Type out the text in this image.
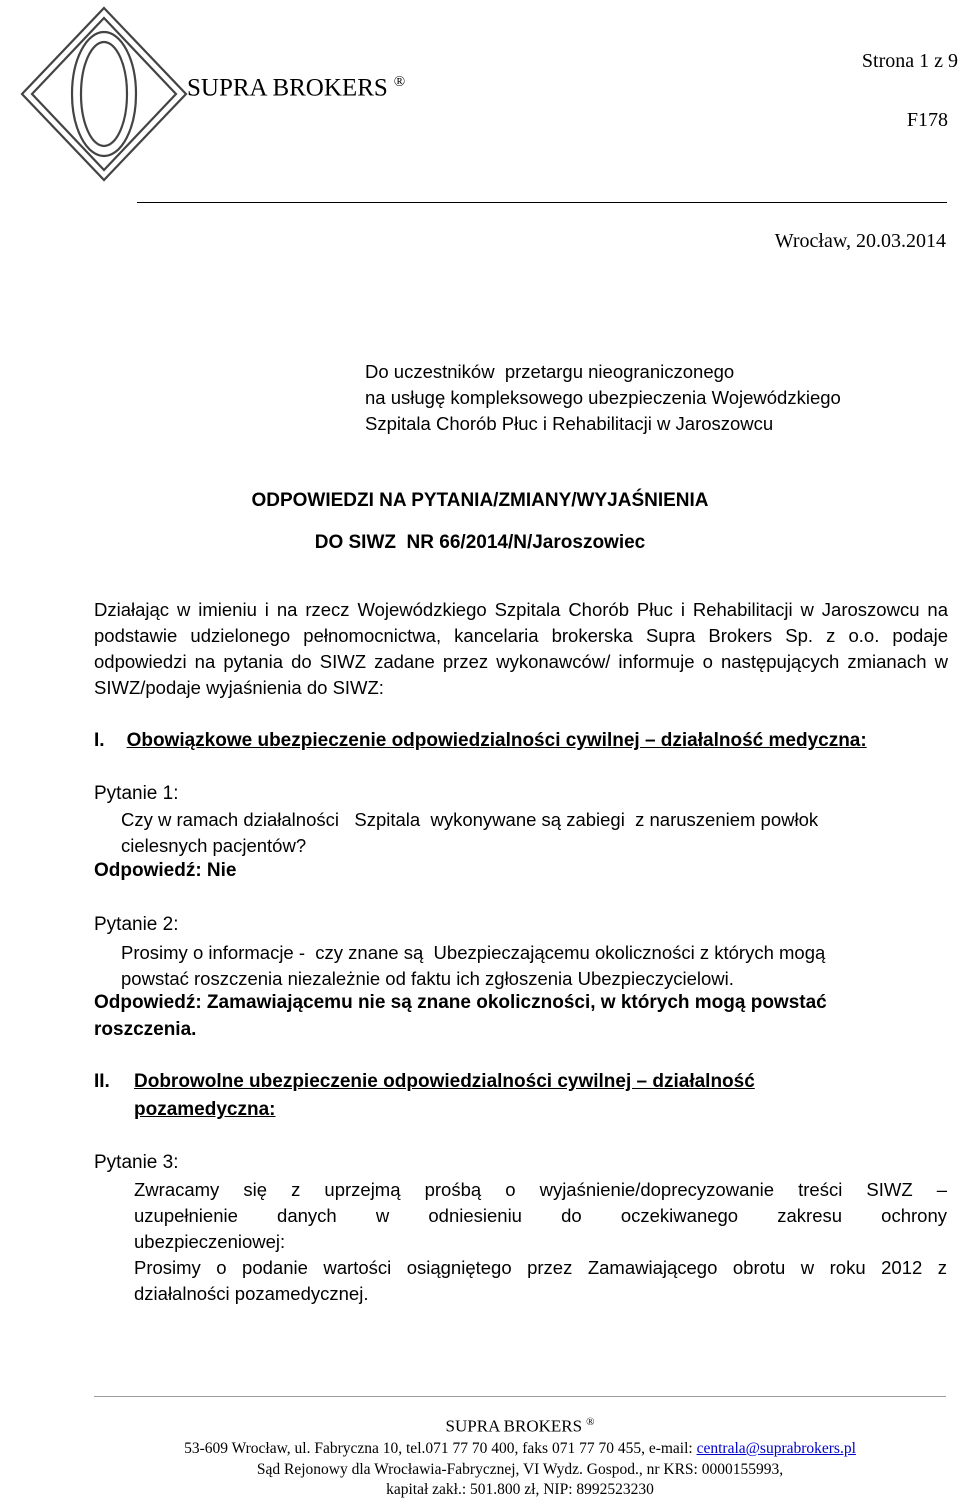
SUPRA BROKERS ®
Strona 1 z 9
F178
Wrocław, 20.03.2014
Do uczestników  przetargu nieograniczonego
na usługę kompleksowego ubezpieczenia Wojewódzkiego
Szpitala Chorób Płuc i Rehabilitacji w Jaroszowcu
ODPOWIEDZI NA PYTANIA/ZMIANY/WYJAŚNIENIA
DO SIWZ  NR 66/2014/N/Jaroszowiec
Działając w imieniu i na rzecz Wojewódzkiego Szpitala Chorób Płuc i Rehabilitacji w Jaroszowcu na podstawie udzielonego pełnomocnictwa, kancelaria brokerska Supra Brokers Sp. z o.o. podaje odpowiedzi na pytania do SIWZ zadane przez wykonawców/ informuje o następujących zmianach w SIWZ/podaje wyjaśnienia do SIWZ:
I. Obowiązkowe ubezpieczenie odpowiedzialności cywilnej – działalność medyczna:
Pytanie 1:
Czy w ramach działalności   Szpitala  wykonywane są zabiegi  z naruszeniem powłok
cielesnych pacjentów?
Odpowiedź: Nie
Pytanie 2:
Prosimy o informacje -  czy znane są  Ubezpieczającemu okoliczności z których mogą
powstać roszczenia niezależnie od faktu ich zgłoszenia Ubezpieczycielowi.
Odpowiedź: Zamawiającemu nie są znane okoliczności, w których mogą powstać
roszczenia.
II. Dobrowolne ubezpieczenie odpowiedzialności cywilnej – działalność
pozamedyczna:
Pytanie 3:
Zwracamy się z uprzejmą prośbą o wyjaśnienie/doprecyzowanie treści SIWZ –
uzupełnienie danych w odniesieniu do oczekiwanego zakresu ochrony
ubezpieczeniowej:
Prosimy o podanie wartości osiągniętego przez Zamawiającego obrotu w roku 2012 z
działalności pozamedycznej.
SUPRA BROKERS ®
53-609 Wrocław, ul. Fabryczna 10, tel.071 77 70 400, faks 071 77 70 455, e-mail: centrala@suprabrokers.pl
Sąd Rejonowy dla Wrocławia-Fabrycznej, VI Wydz. Gospod., nr KRS: 0000155993,
kapitał zakł.: 501.800 zł, NIP: 8992523230
